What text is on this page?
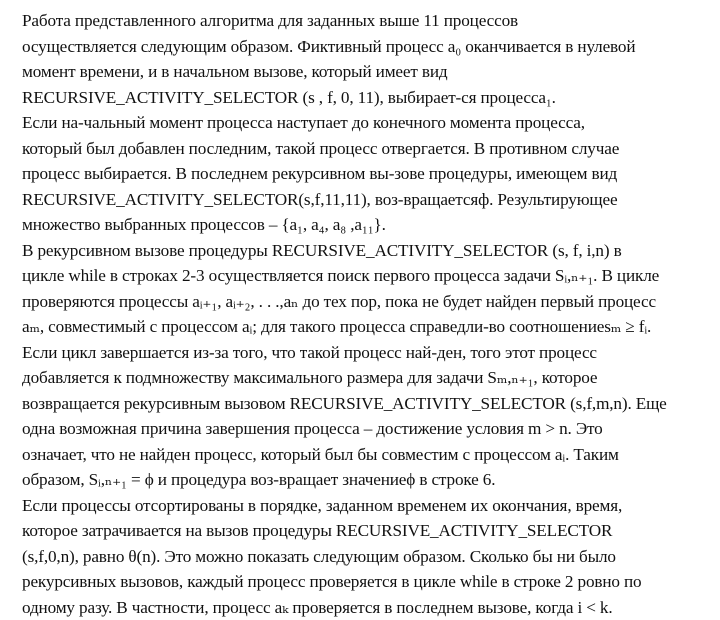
Работа представленного алгоритма для заданных выше 11 процессов
осуществляется следующим образом. Фиктивный процесс a₀ оканчивается в нулевой
момент времени, и в начальном вызове, который имеет вид
RECURSIVE_ACTIVITY_SELECTOR (s , f, 0, 11), выбирает-ся процессa₁.
Если на-чальный момент процесса наступает до конечного момента процесса,
который был добавлен последним, такой процесс отвергается. В противном случае
процесс выбирается. В последнем рекурсивном вы-зове процедуры, имеющем вид
RECURSIVE_ACTIVITY_SELECTOR(s,f,11,11), воз-вращаетсяф. Результирующее
множество выбранных процессов – {a₁, a₄, a₈ ,a₁₁}.
В рекурсивном вызове процедуры RECURSIVE_ACTIVITY_SELECTOR (s, f, i,n) в
цикле while в строках 2-3 осуществляется поиск первого процесса задачи Sᵢ,ₙ₊₁. В цикле
проверяются процессы aᵢ₊₁, aᵢ₊₂, . . .,aₙ до тех пор, пока не будет найден первый процесс
aₘ, совместимый с процессом aᵢ; для такого процесса справедли-во соотношениеsₘ ≥ fᵢ.
Если цикл завершается из-за того, что такой процесс най-ден, того этот процесс
добавляется к подмножеству максимального размера для задачи Sₘ,ₙ₊₁, которое
возвращается рекурсивным вызовом RECURSIVE_ACTIVITY_SELECTOR (s,f,m,n). Еще
одна возможная причина завершения процесса – достижение условия m > n. Это
означает, что не найден процесс, который был бы совместим с процессом aᵢ. Таким
образом, Sᵢ,ₙ₊₁ = ϕ и процедура воз-вращает значениеϕ в строке 6.
Если процессы отсортированы в порядке, заданном временем их окончания, время,
которое затрачивается на вызов процедуры RECURSIVE_ACTIVITY_SELECTOR
(s,f,0,n), равно θ(n). Это можно показать следующим образом. Сколько бы ни было
рекурсивных вызовов, каждый процесс проверяется в цикле while в строке 2 ровно по
одному разу. В частности, процесс aₖ проверяется в последнем вызове, когда i < k.
